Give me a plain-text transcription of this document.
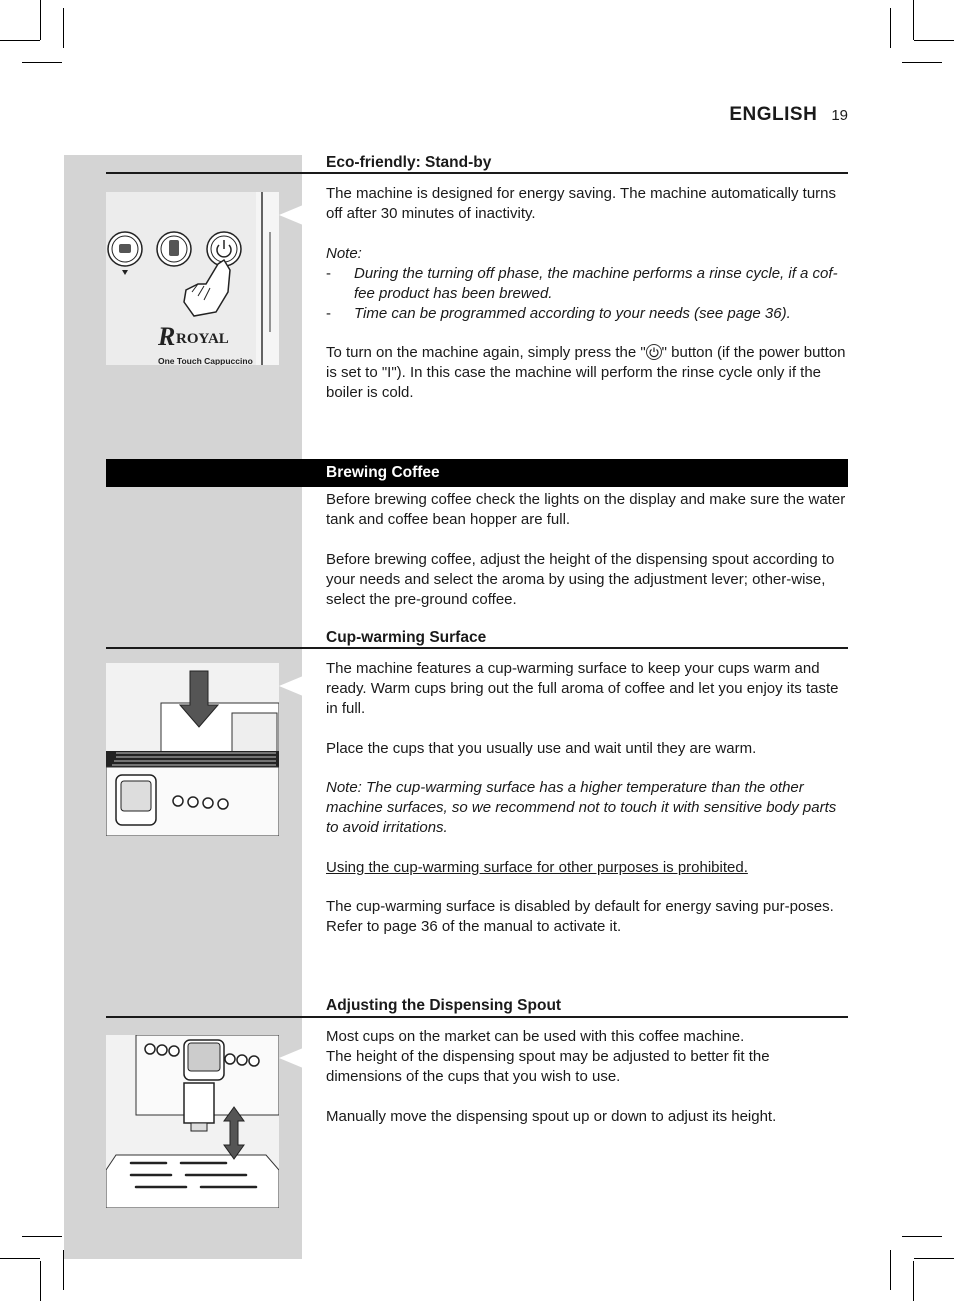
ENGLISH 19
Eco-friendly: Stand-by
R ROYAL
One Touch Cappuccino

The machine is designed for energy saving. The machine automatically turns off after 30 minutes of inactivity.

Note:
- During the turning off phase, the machine performs a rinse cycle, if a cof-fee product has been brewed.
- Time can be programmed according to your needs (see page 36).

To turn on the machine again, simply press the " " button (if the power button is set to "I"). In this case the machine will perform the rinse cycle only if the boiler is cold.

Brewing Coffee

Before brewing coffee check the lights on the display and make sure the water tank and coffee bean hopper are full.

Before brewing coffee, adjust the height of the dispensing spout according to your needs and select the aroma by using the adjustment lever; other-wise, select the pre-ground coffee.

Cup-warming Surface

The machine features a cup-warming surface to keep your cups warm and ready. Warm cups bring out the full aroma of coffee and let you enjoy its taste in full.

Place the cups that you usually use and wait until they are warm.

Note: The cup-warming surface has a higher temperature than the other machine surfaces, so we recommend not to touch it with sensitive body parts to avoid irritations.

Using the cup-warming surface for other purposes is prohibited.

The cup-warming surface is disabled by default for energy saving pur-poses. Refer to page 36 of the manual to activate it.

Adjusting the Dispensing Spout

Most cups on the market can be used with this coffee machine.
The height of the dispensing spout may be adjusted to better fit the dimensions of the cups that you wish to use.

Manually move the dispensing spout up or down to adjust its height.
